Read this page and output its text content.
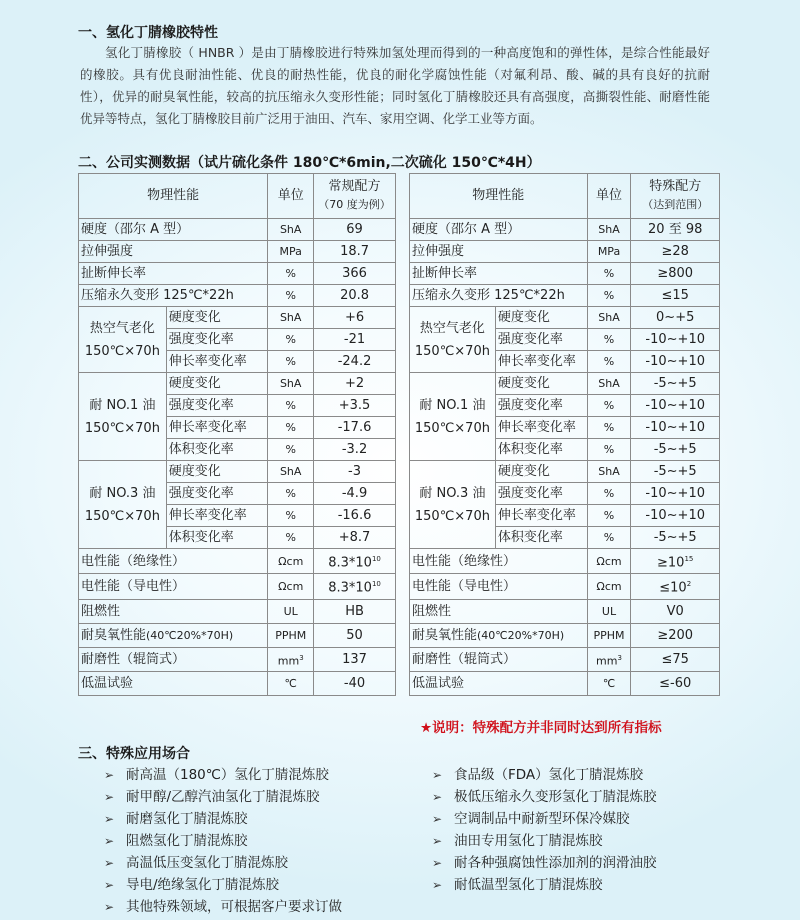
一、氢化丁腈橡胶特性
氢化丁腈橡胶（ HNBR ）是由丁腈橡胶进行特殊加氢处理而得到的一种高度饱和的弹性体，是综合性能最好的橡胶。具有优良耐油性能、优良的耐热性能，优良的耐化学腐蚀性能（对氟利昂、酸、碱的具有良好的抗耐性），优异的耐臭氧性能，较高的抗压缩永久变形性能；同时氢化丁腈橡胶还具有高强度，高撕裂性能、耐磨性能优异等特点，氢化丁腈橡胶目前广泛用于油田、汽车、家用空调、化学工业等方面。
二、公司实测数据（试片硫化条件 180℃*6min,二次硫化 150℃*4H）
物理性能		单位	常规配方
（70 度为例）
硬度（邵尔 A 型）		ShA	69
拉伸强度		MPa	18.7
扯断伸长率		%	366
压缩永久变形 125℃*22h		%	20.8
热空气老化
150℃×70h	硬度变化	ShA	+6
	强度变化率	%	-21
	伸长率变化率	%	-24.2
耐 NO.1 油
150℃×70h	硬度变化	ShA	+2
	强度变化率	%	+3.5
	伸长率变化率	%	-17.6
	体积变化率	%	-3.2
耐 NO.3 油
150℃×70h	硬度变化	ShA	-3
	强度变化率	%	-4.9
	伸长率变化率	%	-16.6
	体积变化率	%	+8.7
电性能（绝缘性）		Ωcm	$8.3*10^{10}$
电性能（导电性）		Ωcm	$8.3*10^{10}$
阻燃性		UL	HB
耐臭氧性能(40℃20%*70H)		PPHM	50
耐磨性（辊筒式）		$mm^3$	137
低温试验		℃	-40
物理性能		单位	特殊配方
（达到范围）
硬度（邵尔 A 型）		ShA	20 至 98
拉伸强度		MPa	≥28
扯断伸长率		%	≥800
压缩永久变形 125℃*22h		%	≤15
热空气老化
150℃×70h	硬度变化	ShA	0~+5
	强度变化率	%	-10~+10
	伸长率变化率	%	-10~+10
耐 NO.1 油
150℃×70h	硬度变化	ShA	-5~+5
	强度变化率	%	-10~+10
	伸长率变化率	%	-10~+10
	体积变化率	%	-5~+5
耐 NO.3 油
150℃×70h	硬度变化	ShA	-5~+5
	强度变化率	%	-10~+10
	伸长率变化率	%	-10~+10
	体积变化率	%	-5~+5
电性能（绝缘性）		Ωcm	$\ge 10^{15}$
电性能（导电性）		Ωcm	$\le 10^2$
阻燃性		UL	V0
耐臭氧性能(40℃20%*70H)		PPHM	≥200
耐磨性（辊筒式）		$mm^3$	≤75
低温试验		℃	≤-60
★说明：特殊配方并非同时达到所有指标
三、特殊应用场合
➢ 耐高温（180℃）氢化丁腈混炼胶
➢ 耐甲醇/乙醇汽油氢化丁腈混炼胶
➢ 耐磨氢化丁腈混炼胶
➢ 阻燃氢化丁腈混炼胶
➢ 高温低压变氢化丁腈混炼胶
➢ 导电/绝缘氢化丁腈混炼胶
➢ 其他特殊领域，可根据客户要求订做
➢ 食品级（FDA）氢化丁腈混炼胶
➢ 极低压缩永久变形氢化丁腈混炼胶
➢ 空调制品中耐新型环保冷媒胶
➢ 油田专用氢化丁腈混炼胶
➢ 耐各种强腐蚀性添加剂的润滑油胶
➢ 耐低温型氢化丁腈混炼胶
